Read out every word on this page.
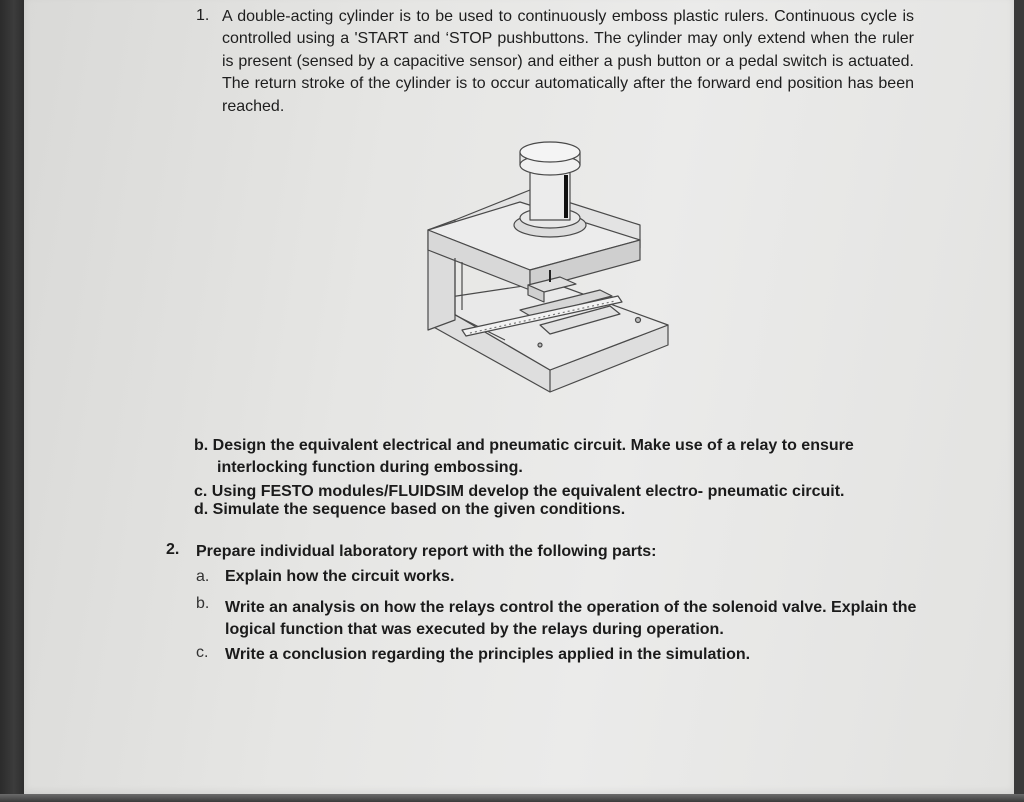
1. A double-acting cylinder is to be used to continuously emboss plastic rulers. Continuous cycle is controlled using a 'START and ‘STOP pushbuttons. The cylinder may only extend when the ruler is present (sensed by a capacitive sensor) and either a push button or a pedal switch is actuated. The return stroke of the cylinder is to occur automatically after the forward end position has been reached.
b. Design the equivalent electrical and pneumatic circuit. Make use of a relay to ensure
interlocking function during embossing.
c. Using FESTO modules/FLUIDSIM develop the equivalent electro- pneumatic circuit.
d. Simulate the sequence based on the given conditions.
2. Prepare individual laboratory report with the following parts:
a. Explain how the circuit works.
b. Write an analysis on how the relays control the operation of the solenoid valve. Explain the
logical function that was executed by the relays during operation.
c. Write a conclusion regarding the principles applied in the simulation.
